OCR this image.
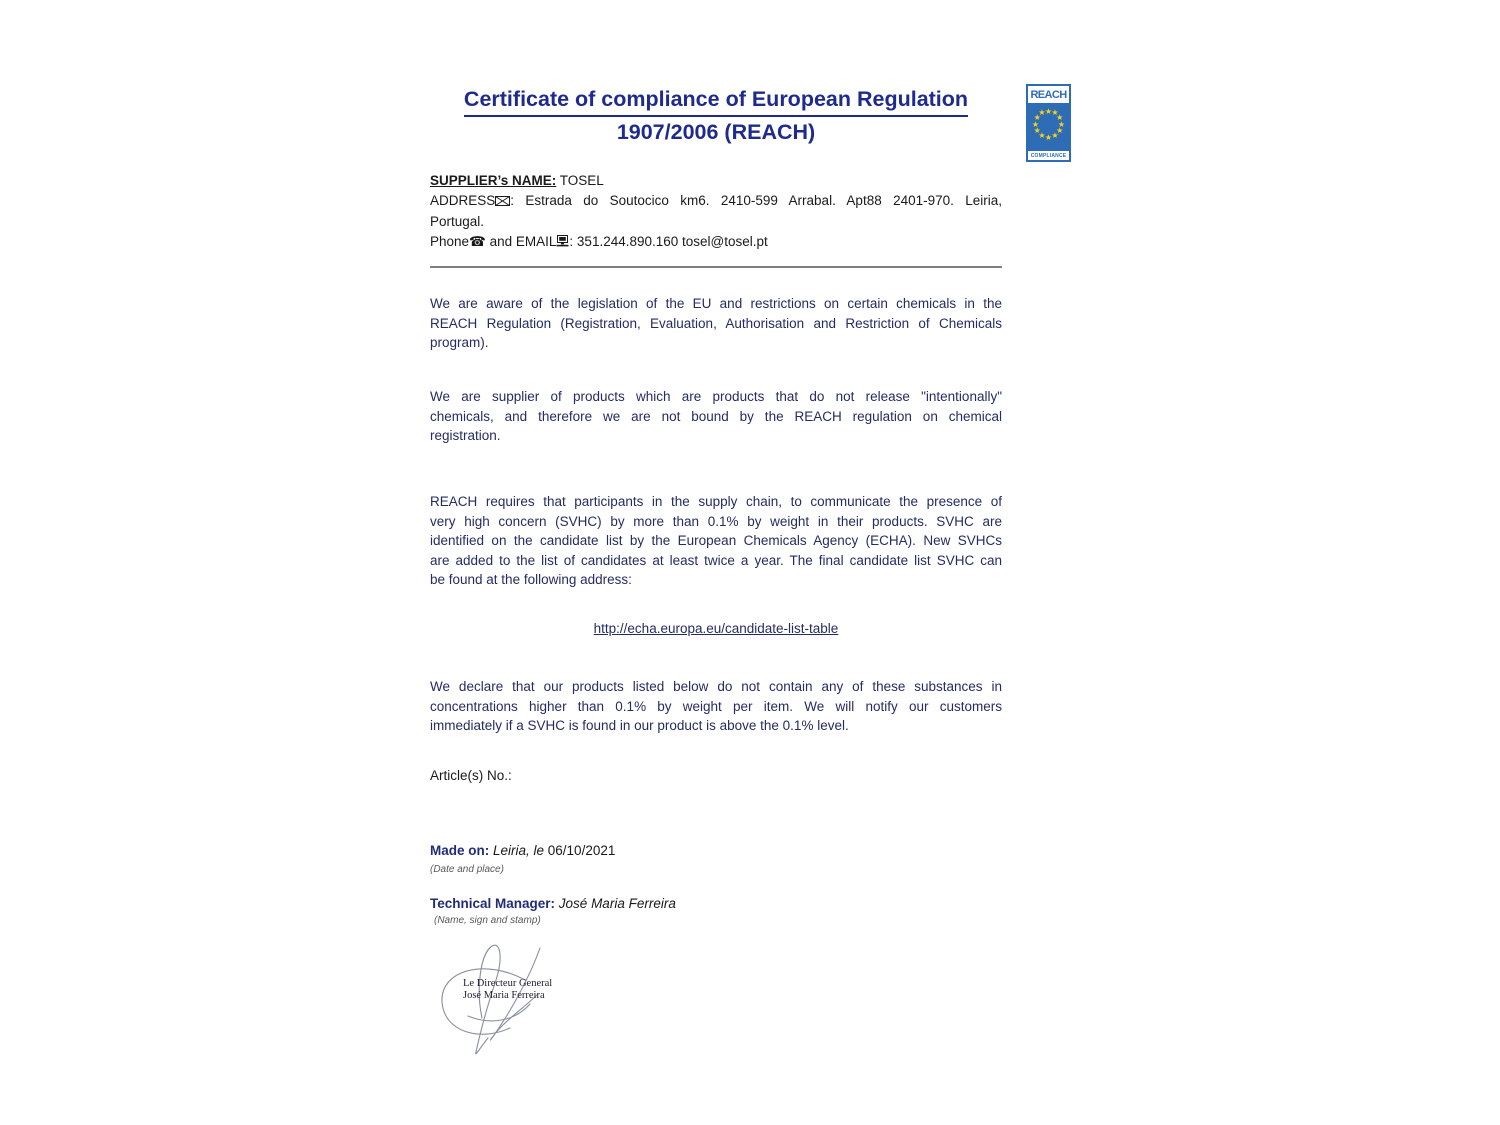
Certificate of compliance of European Regulation
1907/2006 (REACH)
REACH
★ ★
★
★
★
★
★
★
★
★
★
★
COMPLIANCE
SUPPLIER’s NAME: TOSEL
ADDRESS : Estrada do Soutocico km6. 2410-599 Arrabal. Apt88 2401-970. Leiria,
Portugal.
Phone☎ and EMAIL : 351.244.890.160 tosel@tosel.pt
We are aware of the legislation of the EU and restrictions on certain chemicals in the
REACH Regulation (Registration, Evaluation, Authorisation and Restriction of Chemicals
program).
We are supplier of products which are products that do not release "intentionally"
chemicals, and therefore we are not bound by the REACH regulation on chemical
registration.
REACH requires that participants in the supply chain, to communicate the presence of
very high concern (SVHC) by more than 0.1% by weight in their products. SVHC are
identified on the candidate list by the European Chemicals Agency (ECHA). New SVHCs
are added to the list of candidates at least twice a year. The final candidate list SVHC can
be found at the following address:
http://echa.europa.eu/candidate-list-table
We declare that our products listed below do not contain any of these substances in
concentrations higher than 0.1% by weight per item. We will notify our customers
immediately if a SVHC is found in our product is above the 0.1% level.
Article(s) No.:
Made on: Leiria, le 06/10/2021
(Date and place)
Technical Manager: José Maria Ferreira
(Name, sign and stamp)
Le Directeur General
José Maria Ferreira
